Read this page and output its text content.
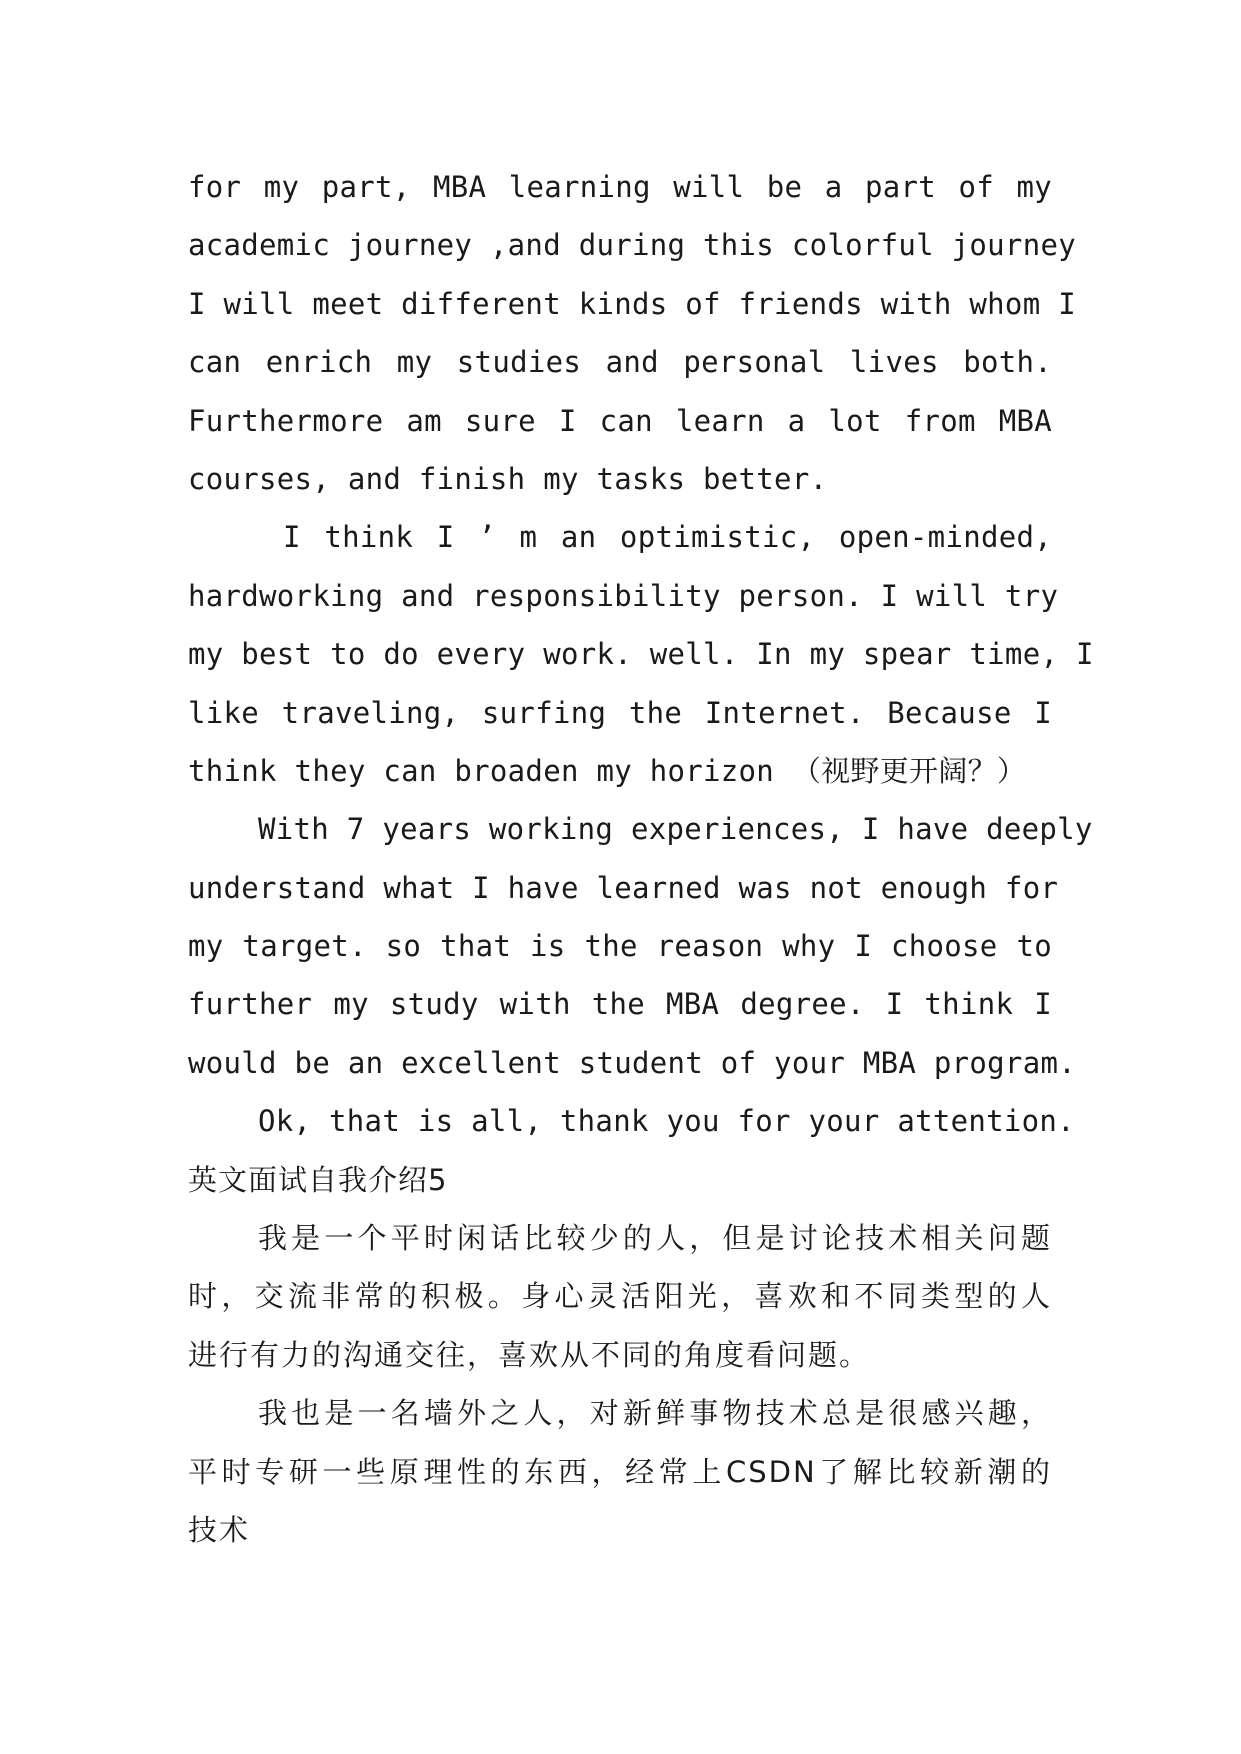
for my part, MBA learning will be a part of my
academic journey ,and during this colorful journey
I will meet different kinds of friends with whom I
can enrich my studies and personal lives both.
Furthermore am sure I can learn a lot from MBA
courses, and finish my tasks better.
I think I ’ m an optimistic, open-minded,
hardworking and responsibility person. I will try
my best to do every work. well. In my spear time, I
like traveling, surfing the Internet. Because I
think they can broaden my horizon （视野更开阔？）
With 7 years working experiences, I have deeply
understand what I have learned was not enough for
my target. so that is the reason why I choose to
further my study with the MBA degree. I think I
would be an excellent student of your MBA program.
Ok, that is all, thank you for your attention.
英文面试自我介绍5
我是一个平时闲话比较少的人，但是讨论技术相关问题
时，交流非常的积极。身心灵活阳光，喜欢和不同类型的人
进行有力的沟通交往，喜欢从不同的角度看问题。
我也是一名墙外之人，对新鲜事物技术总是很感兴趣，
平时专研一些原理性的东西，经常上CSDN了解比较新潮的
技术
